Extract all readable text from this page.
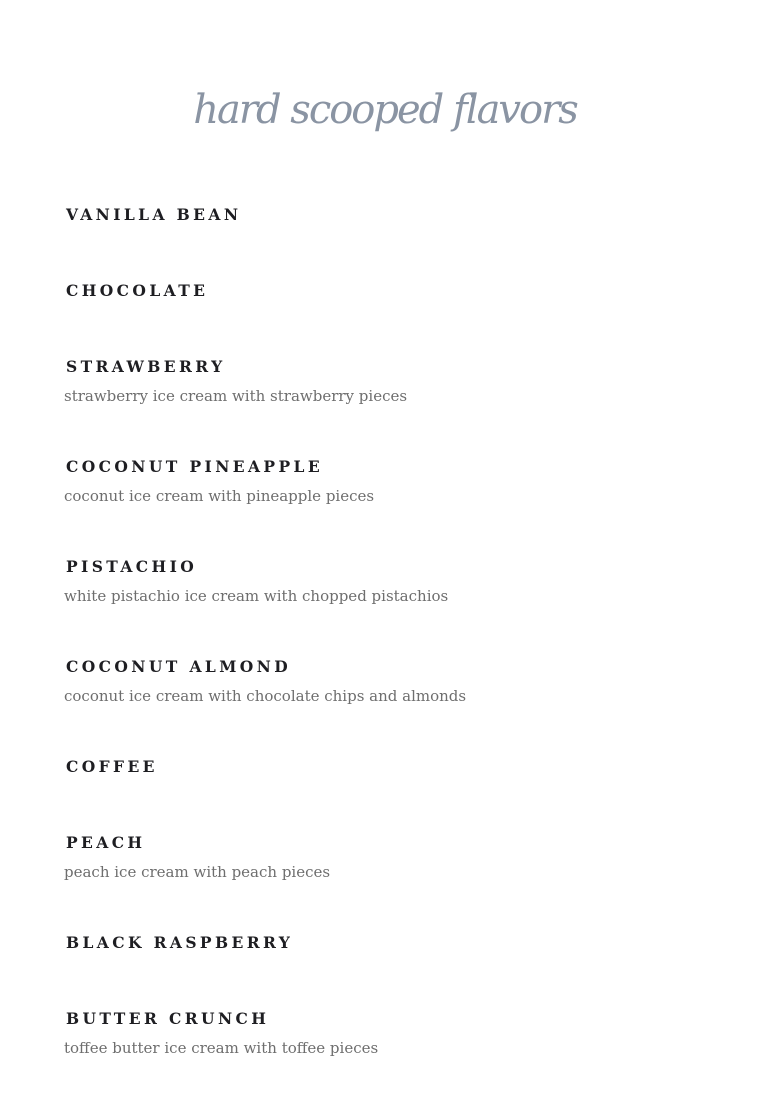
hard scooped flavors
VANILLA BEAN
CHOCOLATE
STRAWBERRY
strawberry ice cream with strawberry pieces
COCONUT PINEAPPLE
coconut ice cream with pineapple pieces
PISTACHIO
white pistachio ice cream with chopped pistachios
COCONUT ALMOND
coconut ice cream with chocolate chips and almonds
COFFEE
PEACH
peach ice cream with peach pieces
BLACK RASPBERRY
BUTTER CRUNCH
toffee butter ice cream with toffee pieces
